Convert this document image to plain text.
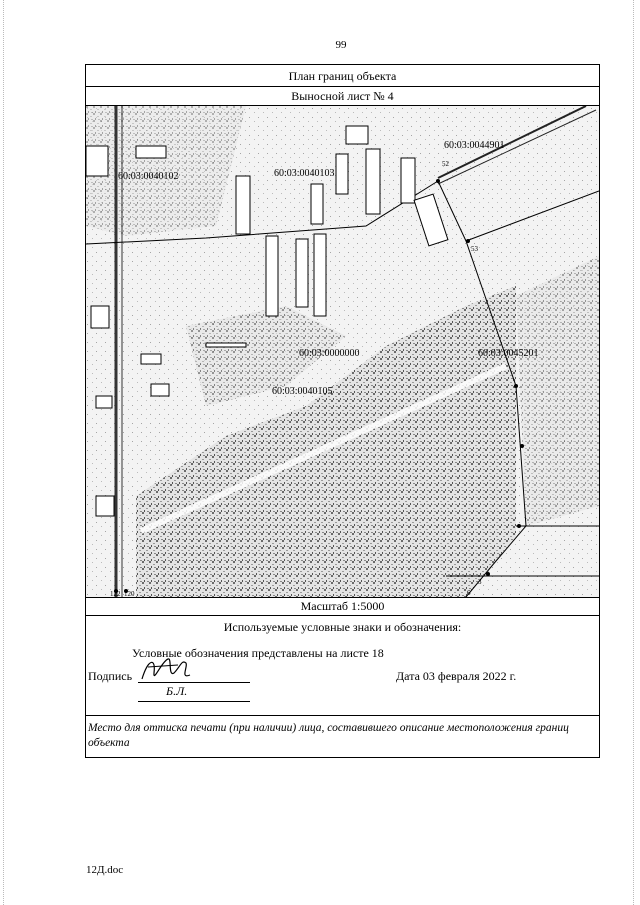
99
План границ объекта
Выносной лист № 4
60:03:0040102	60:03:0040103
60:03:0044901
60:03:0000000	60:03:0045201
60:03:0040105
52
53
3
6
122 120
Масштаб 1:5000
Используемые условные знаки и обозначения:
Условные обозначения представлены на листе 18
Подпись
Б.Л.
Дата 03 февраля 2022 г.
Место для оттиска печати (при наличии) лица, составившего описание местоположения границ объекта
12Д.doc
